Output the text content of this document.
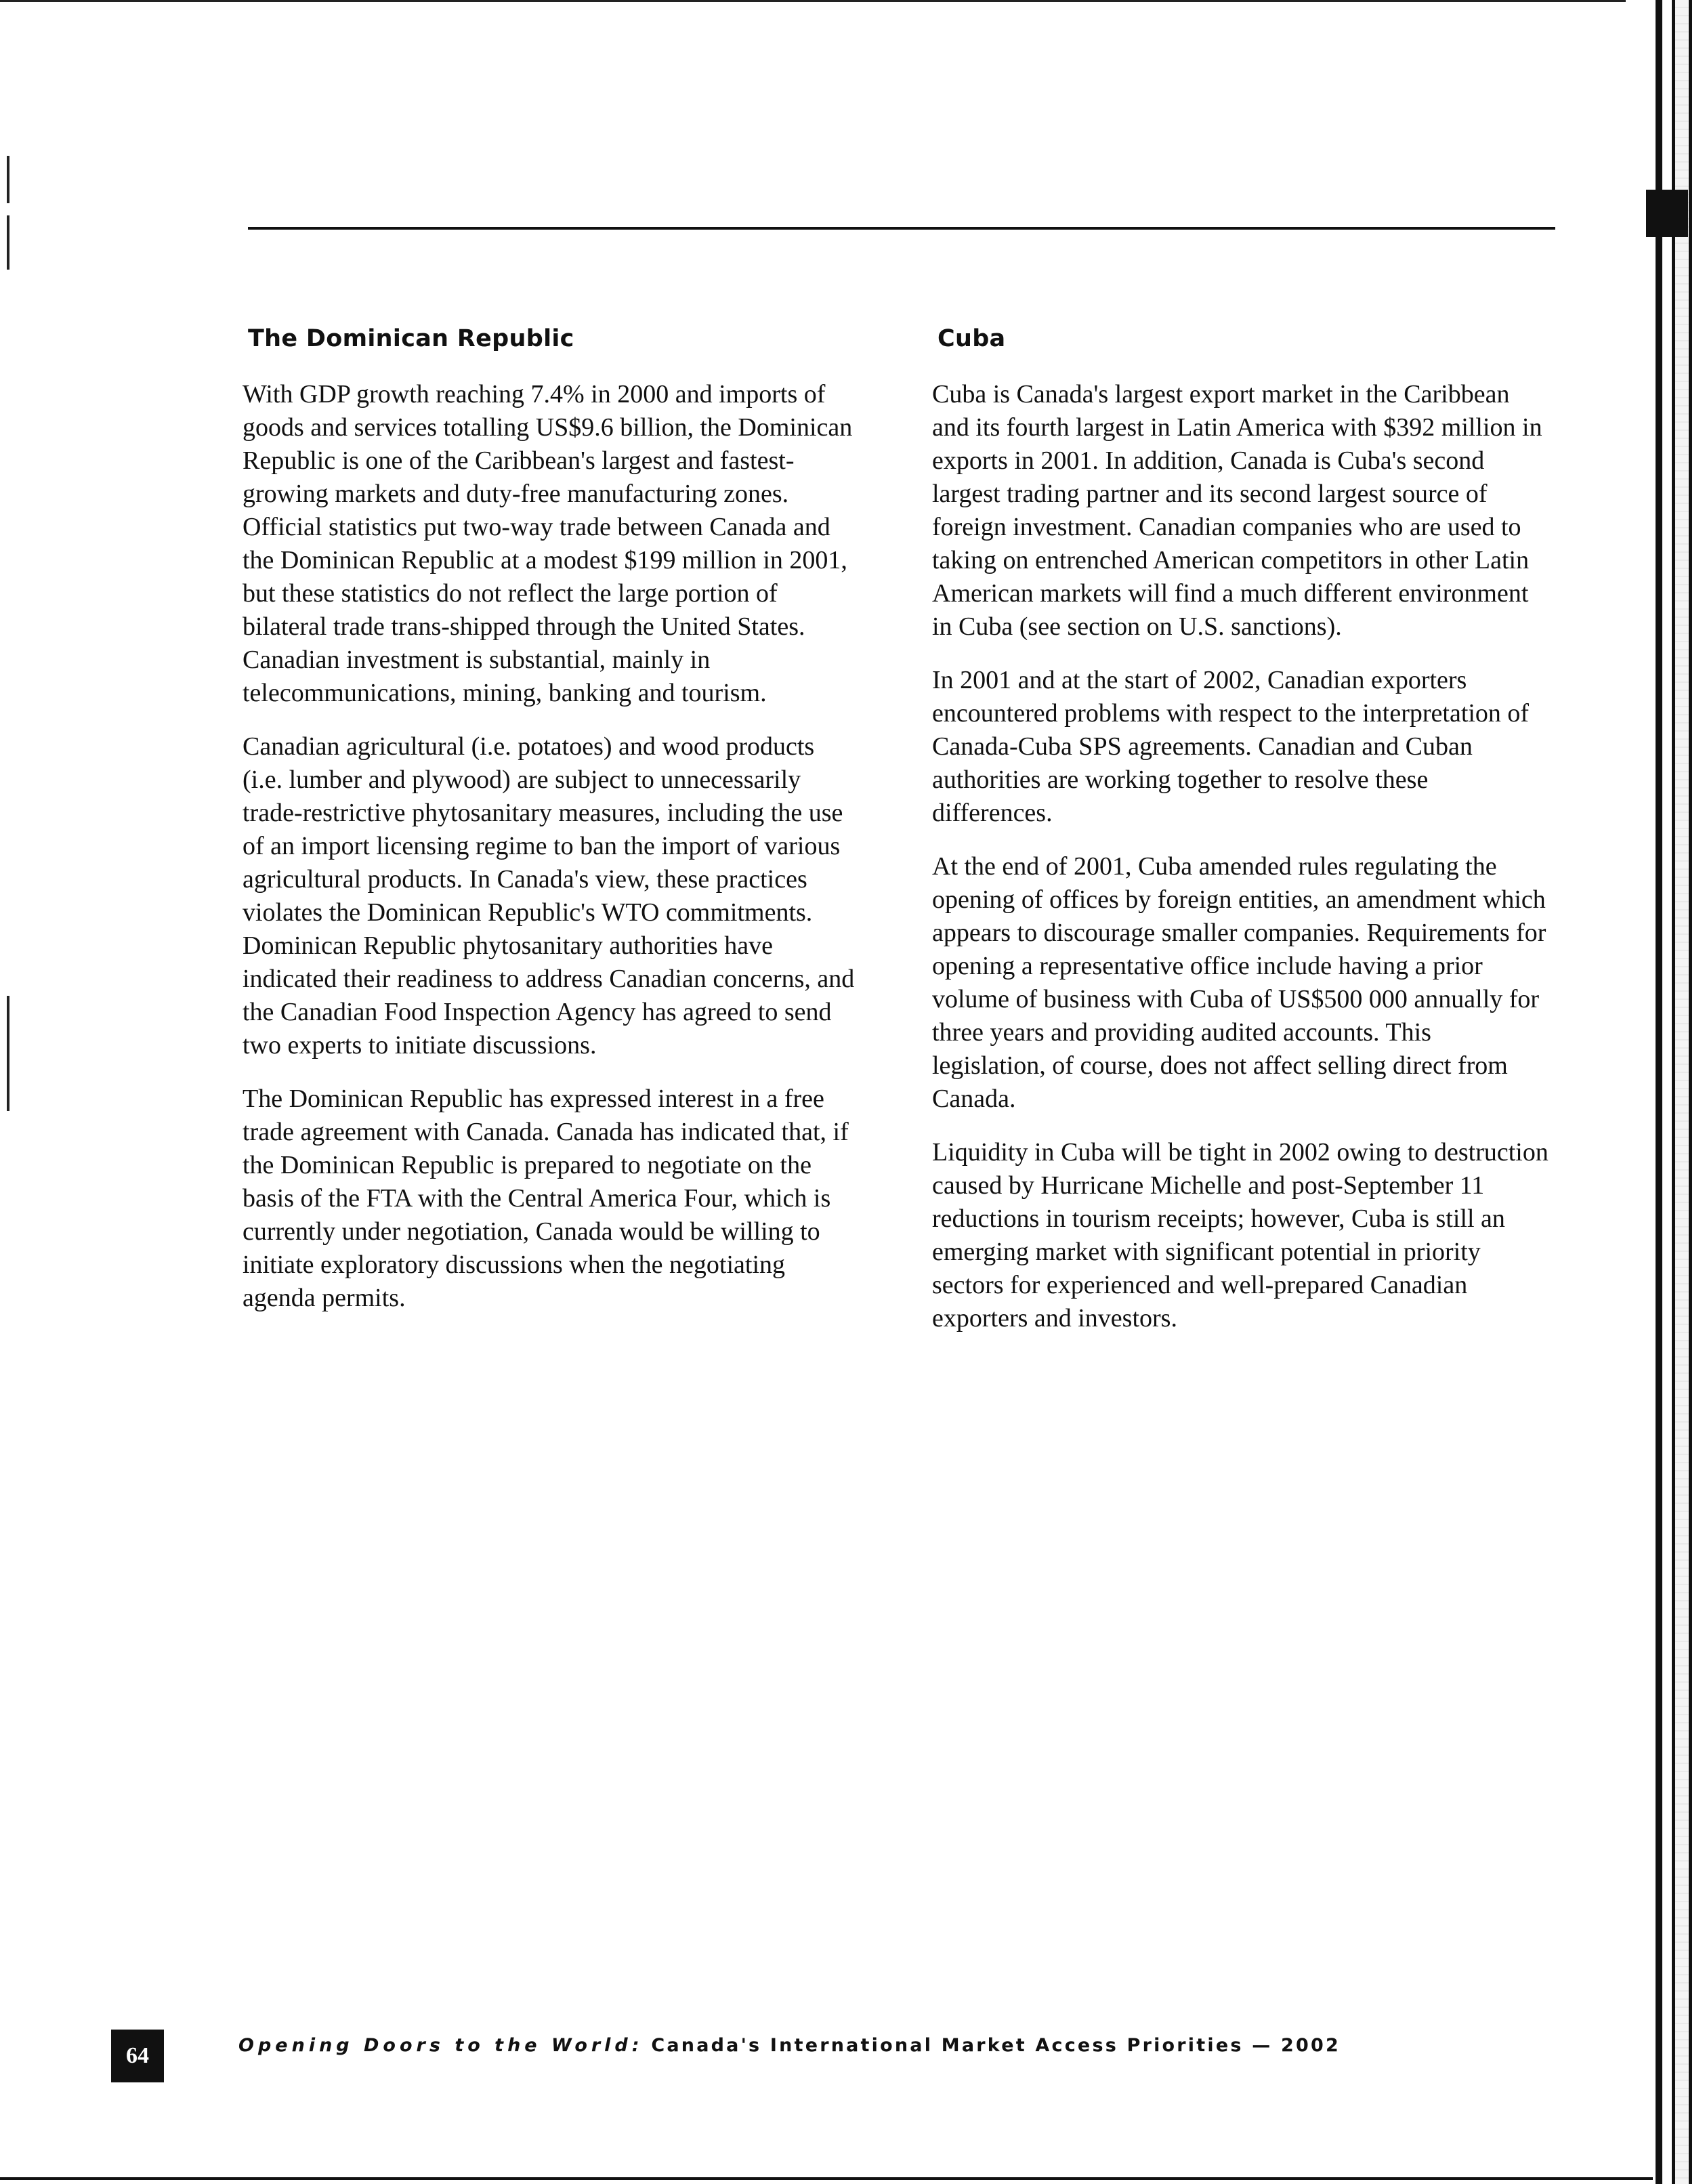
The Dominican Republic

With GDP growth reaching 7.4% in 2000 and imports of goods and services totalling US$9.6 billion, the Dominican Republic is one of the Caribbean's largest and fastest-growing markets and duty-free manufacturing zones. Official statistics put two-way trade between Canada and the Dominican Republic at a modest $199 million in 2001, but these statistics do not reflect the large portion of bilateral trade trans-shipped through the United States. Canadian investment is substantial, mainly in telecommunications, mining, banking and tourism.

Canadian agricultural (i.e. potatoes) and wood products (i.e. lumber and plywood) are subject to unnecessarily trade-restrictive phytosanitary measures, including the use of an import licensing regime to ban the import of various agricultural products. In Canada's view, these practices violates the Dominican Republic's WTO commitments. Dominican Republic phytosanitary authorities have indicated their readiness to address Canadian concerns, and the Canadian Food Inspection Agency has agreed to send two experts to initiate discussions.

The Dominican Republic has expressed interest in a free trade agreement with Canada. Canada has indicated that, if the Dominican Republic is prepared to negotiate on the basis of the FTA with the Central America Four, which is currently under negotiation, Canada would be willing to initiate exploratory discussions when the negotiating agenda permits.

Cuba

Cuba is Canada's largest export market in the Caribbean and its fourth largest in Latin America with $392 million in exports in 2001. In addition, Canada is Cuba's second largest trading partner and its second largest source of foreign investment. Canadian companies who are used to taking on entrenched American competitors in other Latin American markets will find a much different environment in Cuba (see section on U.S. sanctions).

In 2001 and at the start of 2002, Canadian exporters encountered problems with respect to the interpretation of Canada-Cuba SPS agreements. Canadian and Cuban authorities are working together to resolve these differences.

At the end of 2001, Cuba amended rules regulating the opening of offices by foreign entities, an amendment which appears to discourage smaller companies. Requirements for opening a representative office include having a prior volume of business with Cuba of US$500 000 annually for three years and providing audited accounts. This legislation, of course, does not affect selling direct from Canada.

Liquidity in Cuba will be tight in 2002 owing to destruction caused by Hurricane Michelle and post-September 11 reductions in tourism receipts; however, Cuba is still an emerging market with significant potential in priority sectors for experienced and well-prepared Canadian exporters and investors.

64	Opening Doors to the World: Canada's International Market Access Priorities — 2002
